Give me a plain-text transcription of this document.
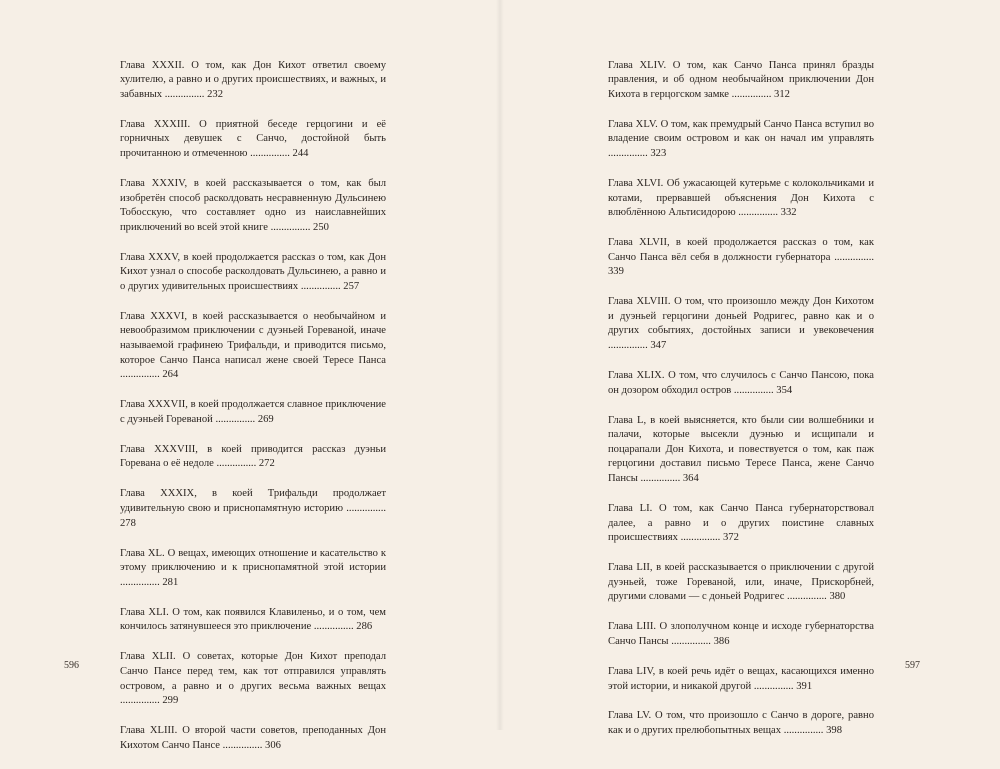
Глава XXXII. О том, как Дон Кихот ответил своему хулителю, а равно и о других происшествиях, и важных, и забавных ............... 232

Глава XXXIII. О приятной беседе герцогини и её горничных девушек с Санчо, достойной быть прочитанною и отмеченною ............... 244

Глава XXXIV, в коей рассказывается о том, как был изобретён способ расколдовать несравненную Дульсинею Тобосскую, что составляет одно из наиславнейших приключений во всей этой книге ............... 250

Глава XXXV, в коей продолжается рассказ о том, как Дон Кихот узнал о способе расколдовать Дульсинею, а равно и о других удивительных происшествиях ............... 257

Глава XXXVI, в коей рассказывается о необычайном и невообразимом приключении с дуэньей Гореваной, иначе называемой графинею Трифальди, и приводится письмо, которое Санчо Панса написал жене своей Тересе Панса ............... 264

Глава XXXVII, в коей продолжается славное приключение с дуэньей Гореваной ............... 269

Глава XXXVIII, в коей приводится рассказ дуэньи Горевана о её недоле ............... 272

Глава XXXIX, в коей Трифальди продолжает удивительную свою и приснопамятную историю ............... 278

Глава XL. О вещах, имеющих отношение и касательство к этому приключению и к приснопамятной этой истории ............... 281

Глава XLI. О том, как появился Клавиленьо, и о том, чем кончилось затянувшееся это приключение ............... 286

Глава XLII. О советах, которые Дон Кихот преподал Санчо Пансе перед тем, как тот отправился управлять островом, а равно и о других весьма важных вещах ............... 299

Глава XLIII. О второй части советов, преподанных Дон Кихотом Санчо Пансе ............... 306

596

Глава XLIV. О том, как Санчо Панса принял бразды правления, и об одном необычайном приключении Дон Кихота в герцогском замке ............... 312

Глава XLV. О том, как премудрый Санчо Панса вступил во владение своим островом и как он начал им управлять ............... 323

Глава XLVI. Об ужасающей кутерьме с колокольчиками и котами, прервавшей объяснения Дон Кихота с влюблённою Альтисидорою ............... 332

Глава XLVII, в коей продолжается рассказ о том, как Санчо Панса вёл себя в должности губернатора ............... 339

Глава XLVIII. О том, что произошло между Дон Кихотом и дуэньей герцогини доньей Родригес, равно как и о других событиях, достойных записи и увековечения ............... 347

Глава XLIX. О том, что случилось с Санчо Пансою, пока он дозором обходил остров ............... 354

Глава L, в коей выясняется, кто были сии волшебники и палачи, которые высекли дуэнью и исщипали и поцарапали Дон Кихота, и повествуется о том, как паж герцогини доставил письмо Тересе Панса, жене Санчо Пансы ............... 364

Глава LI. О том, как Санчо Панса губернаторствовал далее, а равно и о других поистине славных происшествиях ............... 372

Глава LII, в коей рассказывается о приключении с другой дуэньей, тоже Гореваной, или, иначе, Прискорбней, другими словами — с доньей Родригес ............... 380

Глава LIII. О злополучном конце и исходе губернаторства Санчо Пансы ............... 386

Глава LIV, в коей речь идёт о вещах, касающихся именно этой истории, и никакой другой ............... 391

Глава LV. О том, что произошло с Санчо в дороге, равно как и о других прелюбопытных вещах ............... 398

597
